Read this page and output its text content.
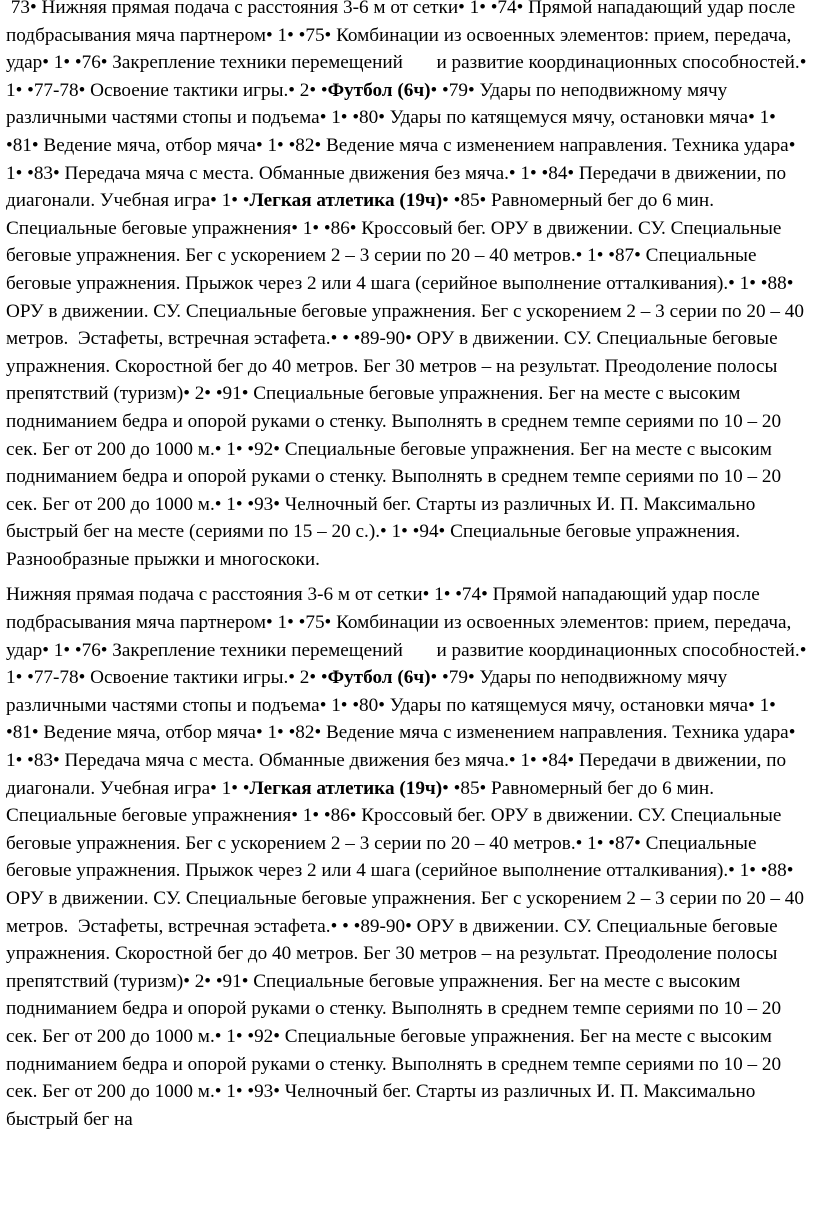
73• Нижняя прямая подача с расстояния 3-6 м от сетки• 1• •74• Прямой нападающий удар после подбрасывания мяча партнером• 1• •75• Комбинации из освоенных элементов: прием, передача, удар• 1• •76• Закрепление техники перемещений       и развитие координационных способностей.• 1• •77-78• Освоение тактики игры.• 2• •Футбол (6ч)• •79• Удары по неподвижному мячу различными частями стопы и подъема• 1• •80• Удары по катящемуся мячу, остановки мяча• 1• •81• Ведение мяча, отбор мяча• 1• •82• Ведение мяча с изменением направления. Техника удара• 1• •83• Передача мяча с места. Обманные движения без мяча.• 1• •84• Передачи в движении, по диагонали. Учебная игра• 1• •Легкая атлетика (19ч)• •85• Равномерный бег до 6 мин. Специальные беговые упражнения• 1• •86• Кроссовый бег. ОРУ в движении. СУ. Специальные беговые упражнения. Бег с ускорением 2 – 3 серии по 20 – 40 метров.• 1• •87• Специальные беговые упражнения. Прыжок через 2 или 4 шага (серийное выполнение отталкивания).• 1• •88• ОРУ в движении. СУ. Специальные беговые упражнения. Бег с ускорением 2 – 3 серии по 20 – 40 метров.  Эстафеты, встречная эстафета.• • •89-90• ОРУ в движении. СУ. Специальные беговые упражнения. Скоростной бег до 40 метров. Бег 30 метров – на результат. Преодоление полосы препятствий (туризм)• 2• •91• Специальные беговые упражнения. Бег на месте с высоким подниманием бедра и опорой руками о стенку. Выполнять в среднем темпе сериями по 10 – 20 сек. Бег от 200 до 1000 м.• 1• •92• Специальные беговые упражнения. Бег на месте с высоким подниманием бедра и опорой руками о стенку. Выполнять в среднем темпе сериями по 10 – 20 сек. Бег от 200 до 1000 м.• 1• •93• Челночный бег. Старты из различных И. П. Максимально быстрый бег на месте (сериями по 15 – 20 с.).• 1• •94• Специальные беговые упражнения. Разнообразные прыжки и многоскоки.

Нижняя прямая подача с расстояния 3-6 м от сетки• 1• •74• Прямой нападающий удар после подбрасывания мяча партнером• 1• •75• Комбинации из освоенных элементов: прием, передача, удар• 1• •76• Закрепление техники перемещений       и развитие координационных способностей.• 1• •77-78• Освоение тактики игры.• 2• •Футбол (6ч)• •79• Удары по неподвижному мячу различными частями стопы и подъема• 1• •80• Удары по катящемуся мячу, остановки мяча• 1• •81• Ведение мяча, отбор мяча• 1• •82• Ведение мяча с изменением направления. Техника удара• 1• •83• Передача мяча с места. Обманные движения без мяча.• 1• •84• Передачи в движении, по диагонали. Учебная игра• 1• •Легкая атлетика (19ч)• •85• Равномерный бег до 6 мин. Специальные беговые упражнения• 1• •86• Кроссовый бег. ОРУ в движении. СУ. Специальные беговые упражнения. Бег с ускорением 2 – 3 серии по 20 – 40 метров.• 1• •87• Специальные беговые упражнения. Прыжок через 2 или 4 шага (серийное выполнение отталкивания).• 1• •88• ОРУ в движении. СУ. Специальные беговые упражнения. Бег с ускорением 2 – 3 серии по 20 – 40 метров.  Эстафеты, встречная эстафета.• • •89-90• ОРУ в движении. СУ. Специальные беговые упражнения. Скоростной бег до 40 метров. Бег 30 метров – на результат. Преодоление полосы препятствий (туризм)• 2• •91• Специальные беговые упражнения. Бег на месте с высоким подниманием бедра и опорой руками о стенку. Выполнять в среднем темпе сериями по 10 – 20 сек. Бег от 200 до 1000 м.• 1• •92• Специальные беговые упражнения. Бег на месте с высоким подниманием бедра и опорой руками о стенку. Выполнять в среднем темпе сериями по 10 – 20 сек. Бег от 200 до 1000 м.• 1• •93• Челночный бег. Старты из различных И. П. Максимально быстрый бег на
